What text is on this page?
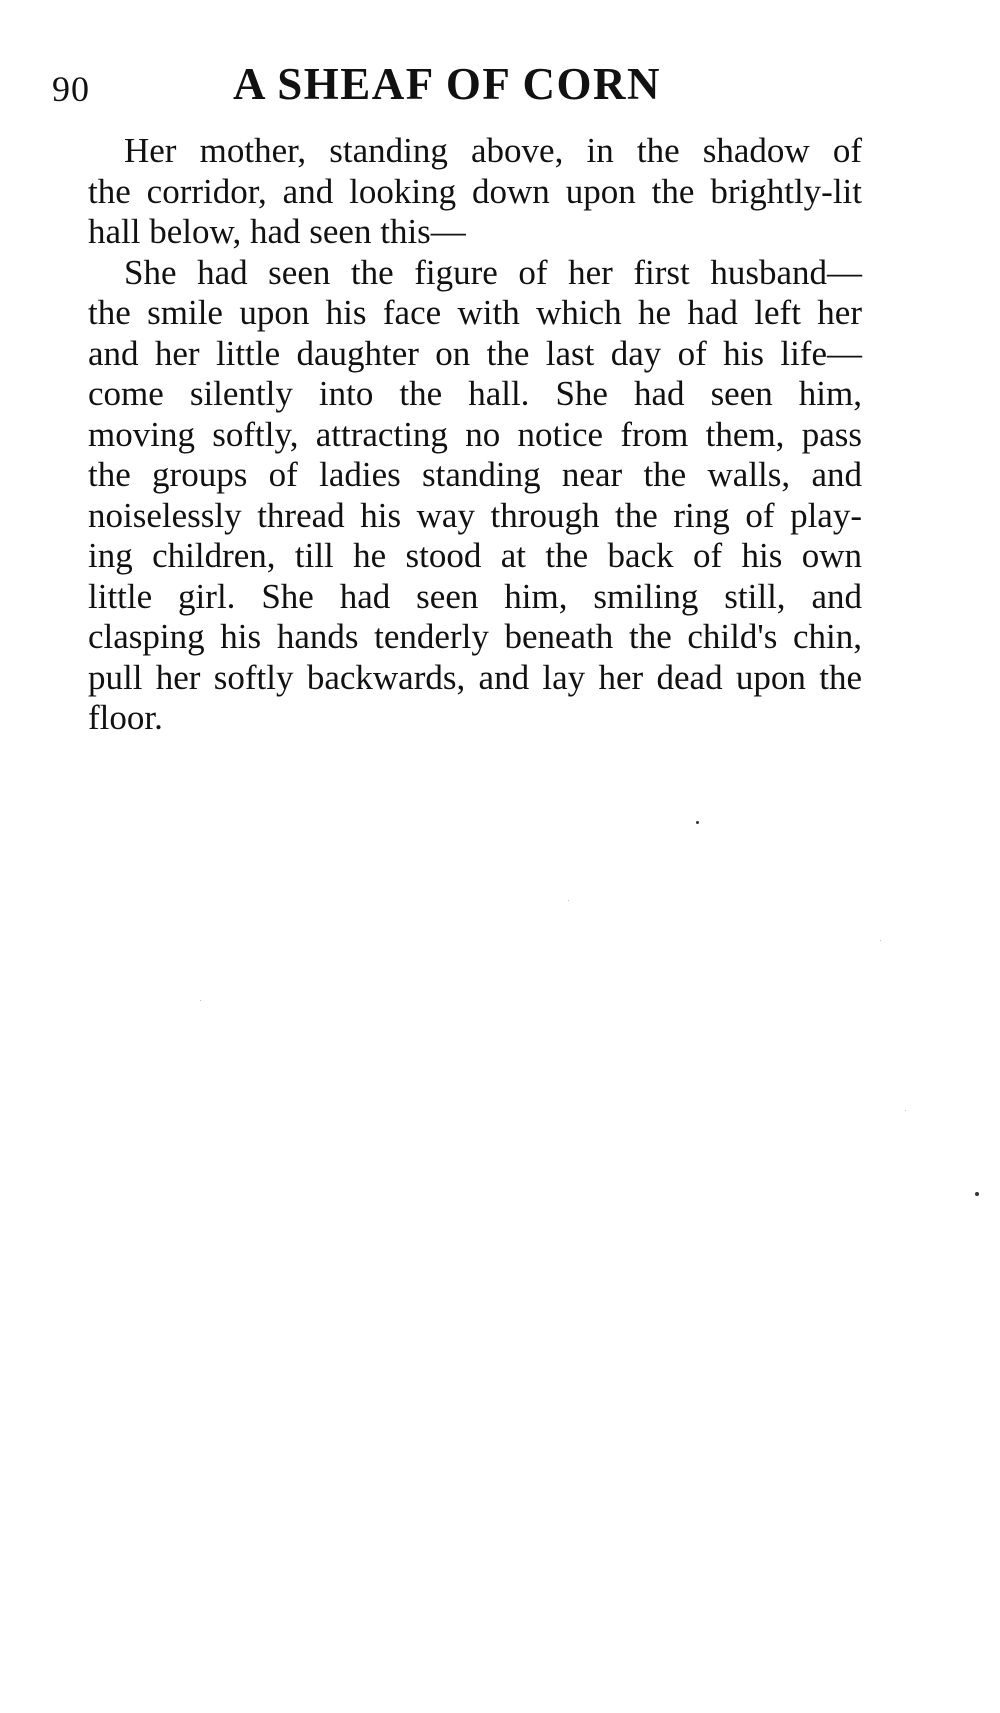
90	A SHEAF OF CORN
Her mother, standing above, in the shadow of
the corridor, and looking down upon the brightly-lit
hall below, had seen this—
She had seen the figure of her first husband—
the smile upon his face with which he had left her
and her little daughter on the last day of his life—
come silently into the hall. She had seen him,
moving softly, attracting no notice from them, pass
the groups of ladies standing near the walls, and
noiselessly thread his way through the ring of play-
ing children, till he stood at the back of his own
little girl. She had seen him, smiling still, and
clasping his hands tenderly beneath the child's chin,
pull her softly backwards, and lay her dead upon the
floor.
